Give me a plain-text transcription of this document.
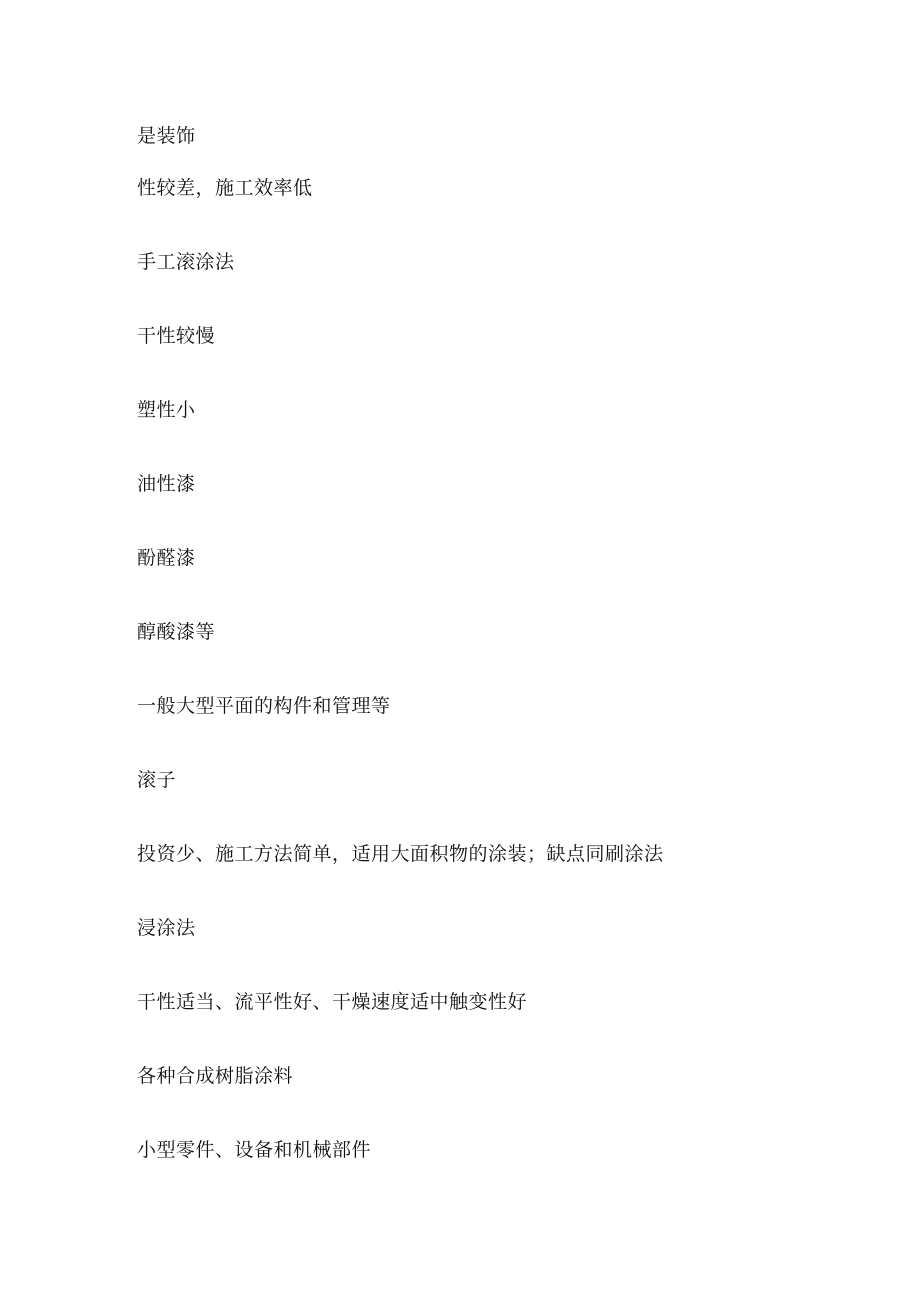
是装饰
性较差，施工效率低
手工滚涂法
干性较慢
塑性小
油性漆
酚醛漆
醇酸漆等
一般大型平面的构件和管理等
滚子
投资少、施工方法简单，适用大面积物的涂装；缺点同刷涂法
浸涂法
干性适当、流平性好、干燥速度适中触变性好
各种合成树脂涂料
小型零件、设备和机械部件
